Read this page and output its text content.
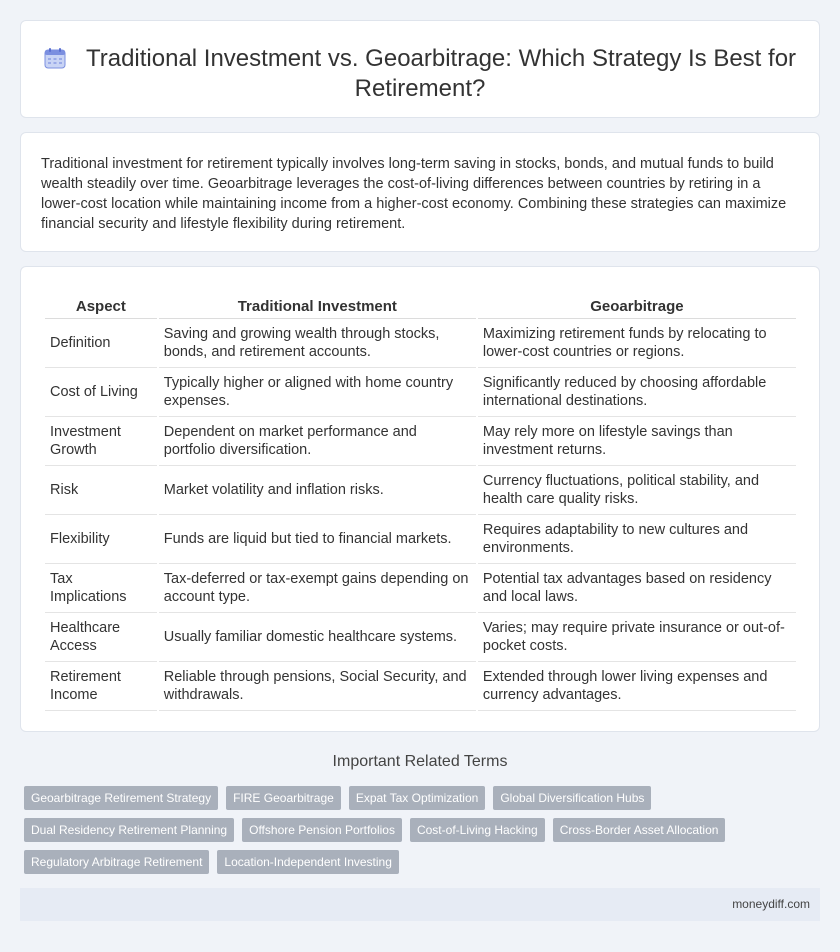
Traditional Investment vs. Geoarbitrage: Which Strategy Is Best for Retirement?

Traditional investment for retirement typically involves long-term saving in stocks, bonds, and mutual funds to build wealth steadily over time. Geoarbitrage leverages the cost-of-living differences between countries by retiring in a lower-cost location while maintaining income from a higher-cost economy. Combining these strategies can maximize financial security and lifestyle flexibility during retirement.

Aspect	Traditional Investment	Geoarbitrage
Definition	Saving and growing wealth through stocks, bonds, and retirement accounts.	Maximizing retirement funds by relocating to lower-cost countries or regions.
Cost of Living	Typically higher or aligned with home country expenses.	Significantly reduced by choosing affordable international destinations.
Investment Growth	Dependent on market performance and portfolio diversification.	May rely more on lifestyle savings than investment returns.
Risk	Market volatility and inflation risks.	Currency fluctuations, political stability, and health care quality risks.
Flexibility	Funds are liquid but tied to financial markets.	Requires adaptability to new cultures and environments.
Tax Implications	Tax-deferred or tax-exempt gains depending on account type.	Potential tax advantages based on residency and local laws.
Healthcare Access	Usually familiar domestic healthcare systems.	Varies; may require private insurance or out-of-pocket costs.
Retirement Income	Reliable through pensions, Social Security, and withdrawals.	Extended through lower living expenses and currency advantages.
Important Related Terms
Geoarbitrage Retirement Strategy	FIRE Geoarbitrage	Expat Tax Optimization	Global Diversification Hubs
Dual Residency Retirement Planning	Offshore Pension Portfolios	Cost-of-Living Hacking	Cross-Border Asset Allocation
Regulatory Arbitrage Retirement	Location-Independent Investing
moneydiff.com
